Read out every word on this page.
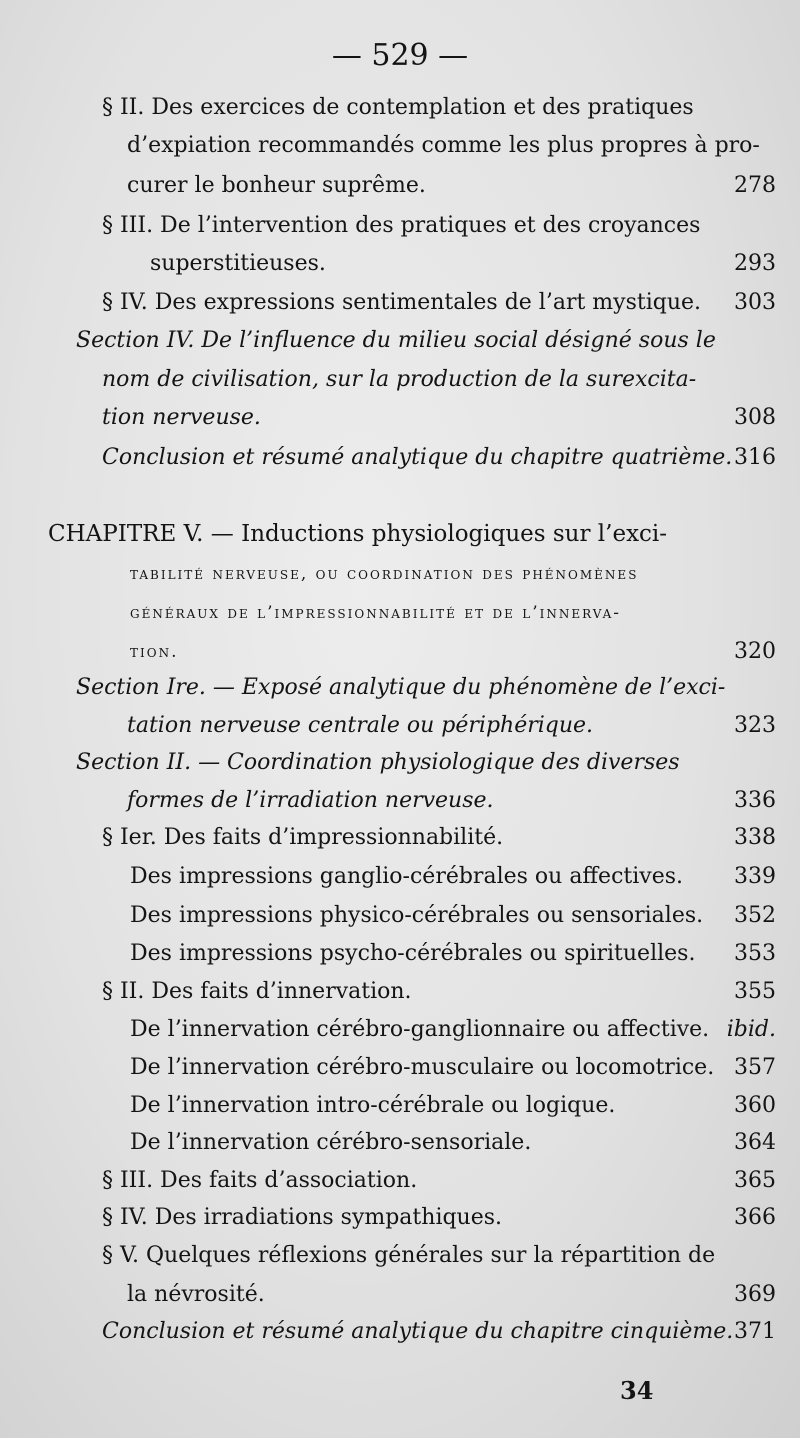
— 529 —
§ II. Des exercices de contemplation et des pratiques
d’expiation recommandés comme les plus propres à pro-
curer le bonheur suprême.	278
§ III. De l’intervention des pratiques et des croyances
superstitieuses.	293
§ IV. Des expressions sentimentales de l’art mystique. 303
Section IV. De l’influence du milieu social désigné sous le
nom de civilisation, sur la production de la surexcita-
tion nerveuse.	308
Conclusion et résumé analytique du chapitre quatrième. 316
CHAPITRE V. — Inductions physiologiques sur l’exci-
tabilité nerveuse, ou coordination des phénomènes
généraux de l’impressionnabilité et de l’innerva-
tion.	320
Section Ire. — Exposé analytique du phénomène de l’exci-
tation nerveuse centrale ou périphérique.	323
Section II. — Coordination physiologique des diverses
formes de l’irradiation nerveuse.	336
§ Ier. Des faits d’impressionnabilité.	338
Des impressions ganglio-cérébrales ou affectives. 339
Des impressions physico-cérébrales ou sensoriales. 352
Des impressions psycho-cérébrales ou spirituelles. 353
§ II. Des faits d’innervation.	355
De l’innervation cérébro-ganglionnaire ou affective. ibid.
De l’innervation cérébro-musculaire ou locomotrice. 357
De l’innervation intro-cérébrale ou logique.	360
De l’innervation cérébro-sensoriale.	364
§ III. Des faits d’association.	365
§ IV. Des irradiations sympathiques.	366
§ V. Quelques réflexions générales sur la répartition de
la névrosité.	369
Conclusion et résumé analytique du chapitre cinquième. 371
34
